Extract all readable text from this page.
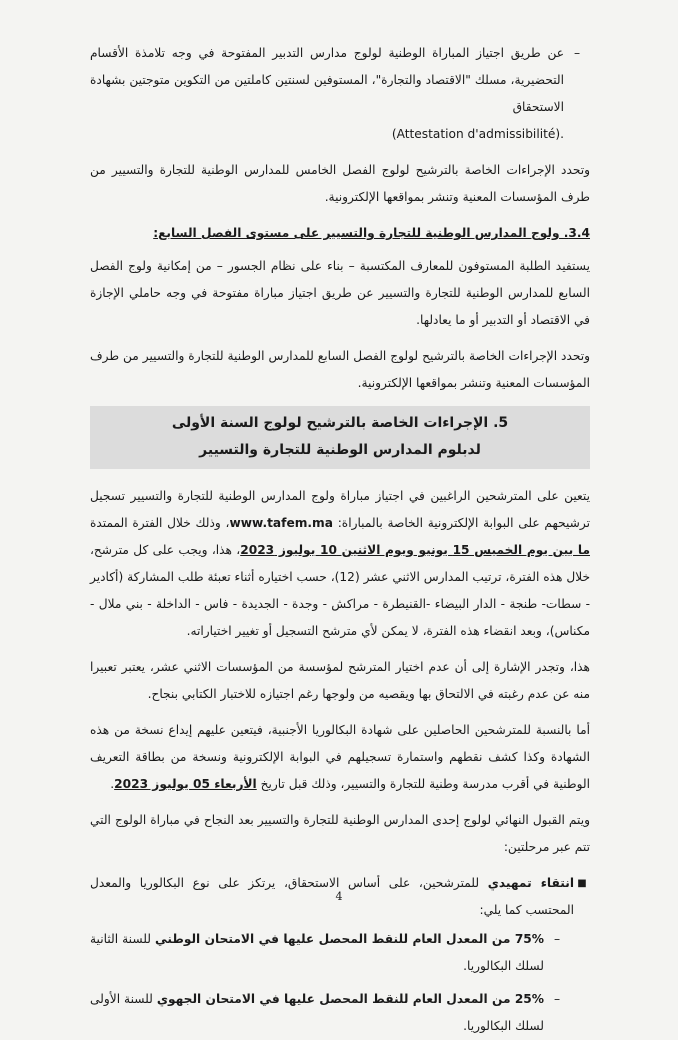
–
عن طريق اجتياز المباراة الوطنية لولوج مدارس التدبير المفتوحة في وجه تلامذة الأقسام التحضيرية، مسلك "الاقتصاد والتجارة"، المستوفين لسنتين كاملتين من التكوين متوجتين بشهادة الاستحقاق
(Attestation d'admissibilité).

وتحدد الإجراءات الخاصة بالترشيح لولوج الفصل الخامس للمدارس الوطنية للتجارة والتسيير من طرف المؤسسات المعنية وتنشر بمواقعها الإلكترونية.

3.4. ولوج المدارس الوطنية للتجارة والتسيير على مستوى الفصل السابع:

يستفيد الطلبة المستوفون للمعارف المكتسبة – بناء على نظام الجسور – من إمكانية ولوج الفصل السابع للمدارس الوطنية للتجارة والتسيير عن طريق اجتياز مباراة مفتوحة في وجه حاملي الإجازة في الاقتصاد أو التدبير أو ما يعادلها.

وتحدد الإجراءات الخاصة بالترشيح لولوج الفصل السابع للمدارس الوطنية للتجارة والتسيير من طرف المؤسسات المعنية وتنشر بمواقعها الإلكترونية.

5. الإجراءات الخاصة بالترشيح لولوج السنة الأولى
لدبلوم المدارس الوطنية للتجارة والتسيير

يتعين على المترشحين الراغبين في اجتياز مباراة ولوج المدارس الوطنية للتجارة والتسيير تسجيل ترشيحهم على البوابة الإلكترونية الخاصة بالمباراة: www.tafem.ma، وذلك خلال الفترة الممتدة ما بين يوم الخميس 15 يونيو ويوم الاثنين 10 يوليوز 2023، هذا، ويجب على كل مترشح، خلال هذه الفترة، ترتيب المدارس الاثني عشر (12)، حسب اختياره أثناء تعبئة طلب المشاركة (أكادير - سطات- طنجة - الدار البيضاء -القنيطرة - مراكش - وجدة - الجديدة - فاس - الداخلة - بني ملال - مكناس)، وبعد انقضاء هذه الفترة، لا يمكن لأي مترشح التسجيل أو تغيير اختياراته.

هذا، وتجدر الإشارة إلى أن عدم اختيار المترشح لمؤسسة من المؤسسات الاثني عشر، يعتبر تعبيرا منه عن عدم رغبته في الالتحاق بها ويقصيه من ولوجها رغم اجتيازه للاختبار الكتابي بنجاح.

أما بالنسبة للمترشحين الحاصلين على شهادة البكالوريا الأجنبية، فيتعين عليهم إيداع نسخة من هذه الشهادة وكذا كشف نقطهم واستمارة تسجيلهم في البوابة الإلكترونية ونسخة من بطاقة التعريف الوطنية في أقرب مدرسة وطنية للتجارة والتسيير، وذلك قبل تاريخ الأربعاء 05 يوليوز 2023.

ويتم القبول النهائي لولوج إحدى المدارس الوطنية للتجارة والتسيير بعد النجاح في مباراة الولوج التي تتم عبر مرحلتين:

■
انتقاء تمهيدي للمترشحين، على أساس الاستحقاق، يرتكز على نوع البكالوريا والمعدل المحتسب كما يلي:
–
75% من المعدل العام للنقط المحصل عليها في الامتحان الوطني للسنة الثانية لسلك البكالوريا.
–
25% من المعدل العام للنقط المحصل عليها في الامتحان الجهوي للسنة الأولى لسلك البكالوريا.
4
